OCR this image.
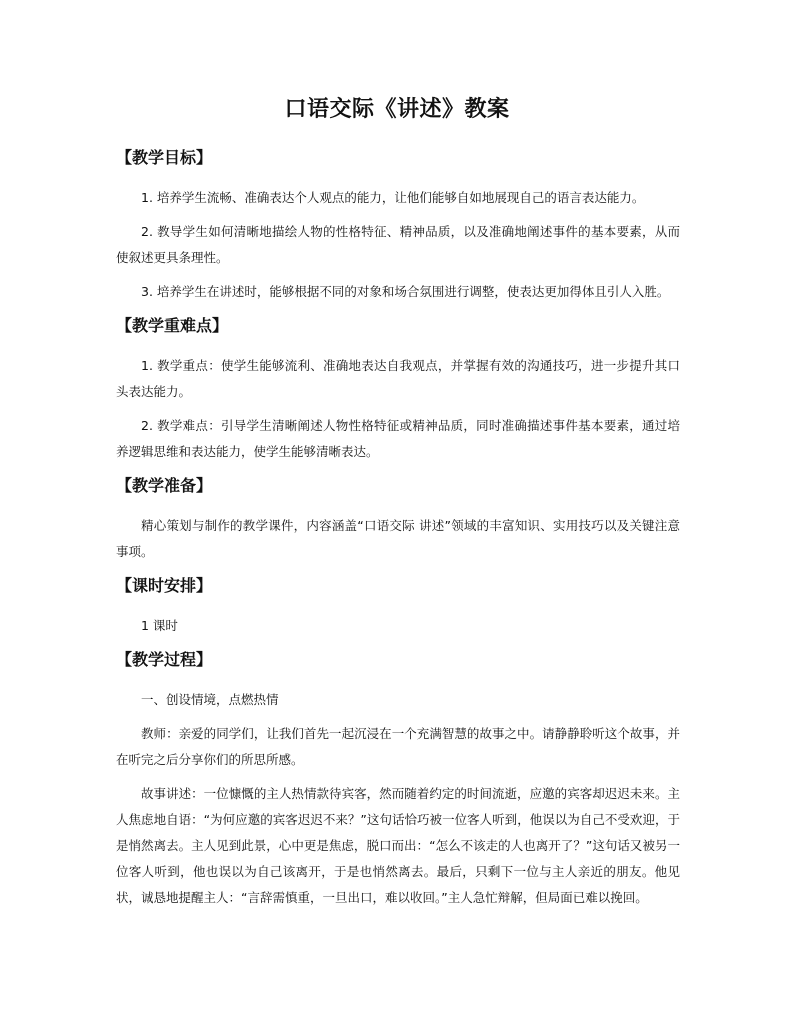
口语交际《讲述》教案
【教学目标】

1. 培养学生流畅、准确表达个人观点的能力，让他们能够自如地展现自己的语言表达能力。

2. 教导学生如何清晰地描绘人物的性格特征、精神品质，以及准确地阐述事件的基本要素，从而使叙述更具条理性。

3. 培养学生在讲述时，能够根据不同的对象和场合氛围进行调整，使表达更加得体且引人入胜。

【教学重难点】

1. 教学重点：使学生能够流利、准确地表达自我观点，并掌握有效的沟通技巧，进一步提升其口头表达能力。

2. 教学难点：引导学生清晰阐述人物性格特征或精神品质，同时准确描述事件基本要素，通过培养逻辑思维和表达能力，使学生能够清晰表达。

【教学准备】

精心策划与制作的教学课件，内容涵盖“口语交际 讲述”领域的丰富知识、实用技巧以及关键注意事项。

【课时安排】

1 课时

【教学过程】

一、创设情境，点燃热情

教师：亲爱的同学们，让我们首先一起沉浸在一个充满智慧的故事之中。请静静聆听这个故事，并在听完之后分享你们的所思所感。

故事讲述：一位慷慨的主人热情款待宾客，然而随着约定的时间流逝，应邀的宾客却迟迟未来。主人焦虑地自语：“为何应邀的宾客迟迟不来？”这句话恰巧被一位客人听到，他误以为自己不受欢迎，于是悄然离去。主人见到此景，心中更是焦虑，脱口而出：“怎么不该走的人也离开了？”这句话又被另一位客人听到，他也误以为自己该离开，于是也悄然离去。最后，只剩下一位与主人亲近的朋友。他见状，诚恳地提醒主人：“言辞需慎重，一旦出口，难以收回。”主人急忙辩解，但局面已难以挽回。
